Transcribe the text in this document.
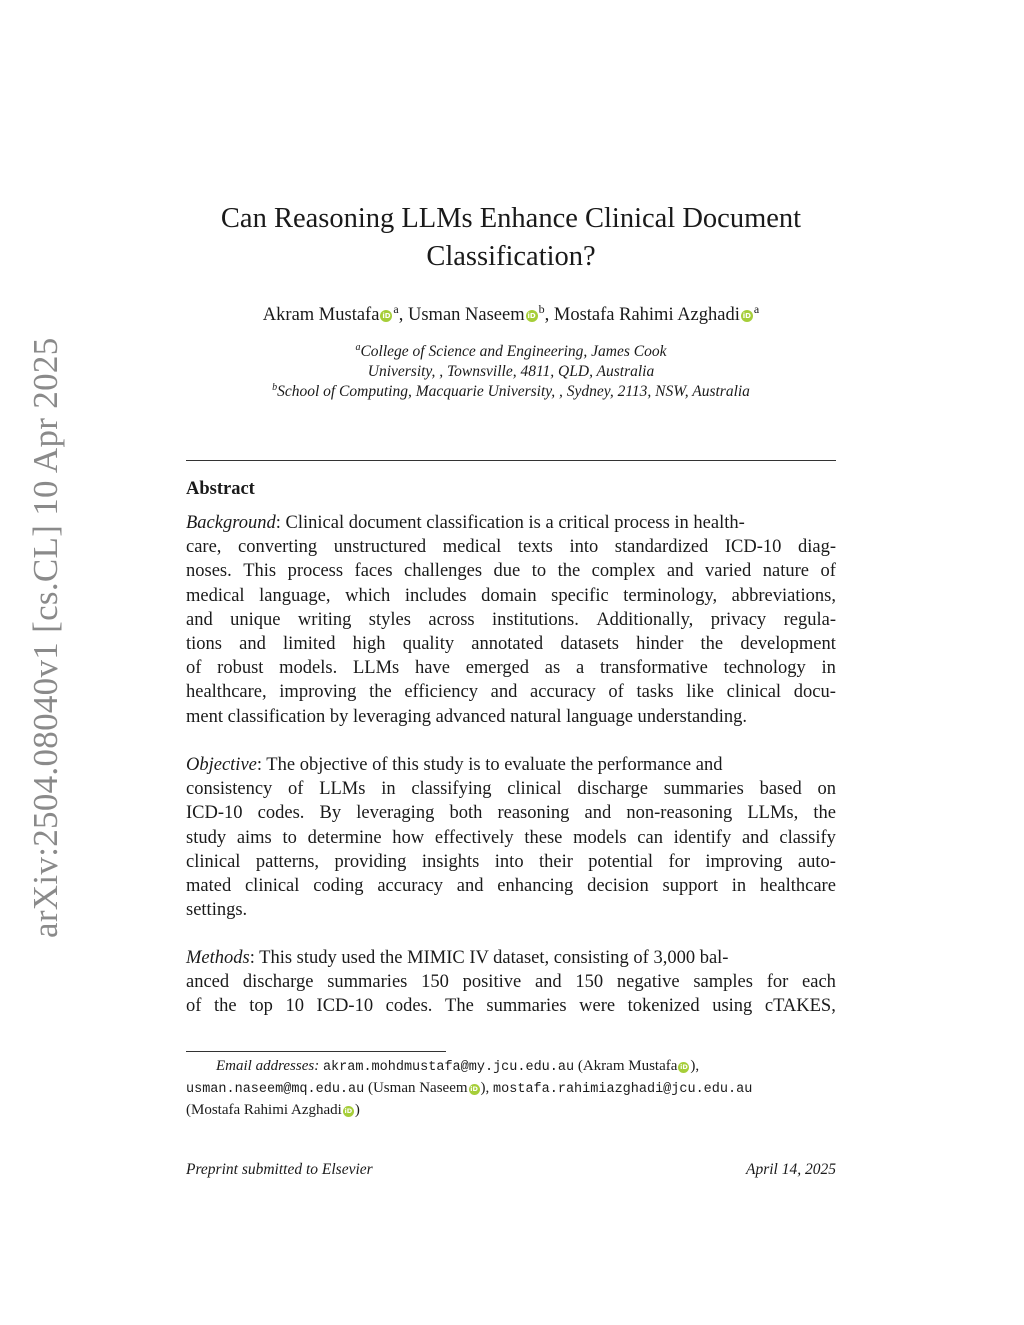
arXiv:2504.08040v1 [cs.CL] 10 Apr 2025
Can Reasoning LLMs Enhance Clinical Document
Classification?
Akram Mustafa iD $^a$, Usman Naseem iD $^b$, Mostafa Rahimi Azghadi iD $^a$
$^a$College of Science and Engineering, James Cook
University, , Townsville, 4811, QLD, Australia
$^b$School of Computing, Macquarie University, , Sydney, 2113, NSW, Australia
Abstract
Background: Clinical document classification is a critical process in health-
care, converting unstructured medical texts into standardized ICD-10 diag-
noses. This process faces challenges due to the complex and varied nature of
medical language, which includes domain specific terminology, abbreviations,
and unique writing styles across institutions. Additionally, privacy regula-
tions and limited high quality annotated datasets hinder the development
of robust models. LLMs have emerged as a transformative technology in
healthcare, improving the efficiency and accuracy of tasks like clinical docu-
ment classification by leveraging advanced natural language understanding.
Objective: The objective of this study is to evaluate the performance and
consistency of LLMs in classifying clinical discharge summaries based on
ICD-10 codes. By leveraging both reasoning and non-reasoning LLMs, the
study aims to determine how effectively these models can identify and classify
clinical patterns, providing insights into their potential for improving auto-
mated clinical coding accuracy and enhancing decision support in healthcare
settings.
Methods: This study used the MIMIC IV dataset, consisting of 3,000 bal-
anced discharge summaries 150 positive and 150 negative samples for each
of the top 10 ICD-10 codes. The summaries were tokenized using cTAKES,
Email addresses: akram.mohdmustafa@my.jcu.edu.au (Akram Mustafa iD ),
usman.naseem@mq.edu.au (Usman Naseem iD ), mostafa.rahimiazghadi@jcu.edu.au
(Mostafa Rahimi Azghadi iD )
Preprint submitted to Elsevier	April 14, 2025
